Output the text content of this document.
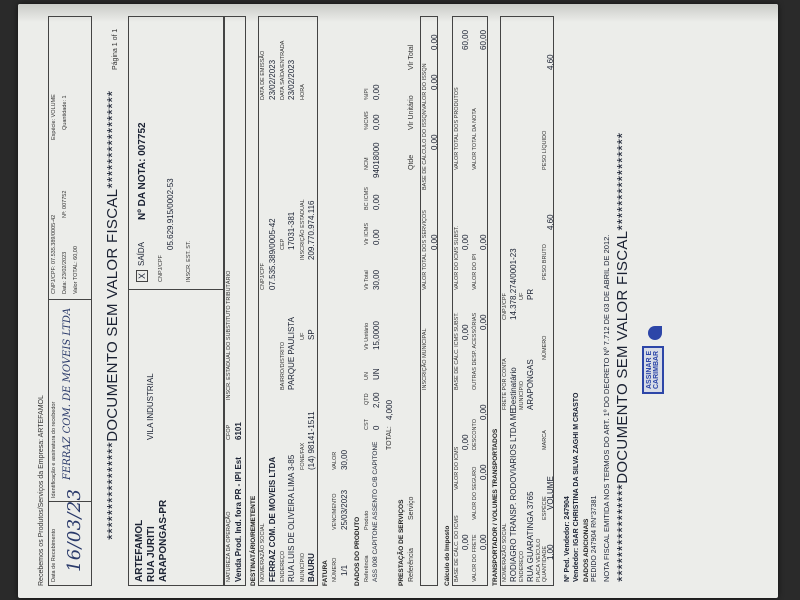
Recebemos os Produtos/Serviços da Empresa: ARTEFAMOL Data de Recebimento 16/03/23
Identificação e assinatura do recebedor FERRAZ COM. DE MOVEIS LTDA
CNPJ/CPF: 07.535.389/0005-42 Data: 23/02/2023
Nº: 007752
Valor TOTAL: 60,00
Espécie: VOLUME Quantidade: 1 ****************DOCUMENTO SEM VALOR FISCAL****************
Página 1 of 1
ARTEFAMOL RUA JURITI ARAPONGAS-PR
VILA INDUSTRIAL
X
SAÍDA
Nº DA NOTA: 007752
CNPJ/CPF
05.629.915/0002-53
INSCR. EST. ST.
NATUREZA DA OPERAÇÃO Venda Prod. Ind. fora PR - IPI Est
CFOP 6101
INSCR. ESTADUAL DO SUBSTITUTO TRIBUTÁRIO
DESTINATÁRIO/REMETENTE NOME/RAZÃO SOCIAL FERRAZ COM. DE MOVEIS LTDA
CNPJ/CPF 07.535.389/0005-42
DATA DE EMISSÃO 23/02/2023
ENDEREÇO RUA LUIS DE OLIVEIRA LIMA 3-85
BAIRRO/DISTRITO PARQUE PAULISTA
CEP 17031-381
DATA SAÍDA/ENTRADA 23/02/2023
MUNICÍPIO BAURU
FONE/FAX (14) 98141-1511
UF SP
INSCRIÇÃO ESTADUAL 209.770.974.116
HORA
FATURA NÚMERO 1/1
VENCIMENTO 25/03/2023
VALOR 30,00
DADOS DO PRODUTO Referência
Produto ASS 008 CAPITONE ASSENTO C/B CAPITONE
CST 0
QTD 2,00
UN UN
Vlr Unitário 15,0000
Vlr Total 30,00
Vlr ICMS 0,00
BC ICMS 0,00
NCM 94018000
%ICMS 0,00
%IPI 0,00
TOTAL:
4,000
PRESTAÇÃO DE SERVIÇOS Referência
Serviço
Qtde
Vlr Unitário
Vlr Total
INSCRIÇÃO MUNICIPAL
VALOR TOTAL DOS SERVIÇOS 0,00
BASE DE CÁLCULO DO ISSQN 0,00
VALOR DO ISSQN 0,00
0,00
Cálculo do Imposto BASE DE CÁLC. DO ICMS 0,00
VALOR DO ICMS
0,00
BASE DE CÁLC. ICMS SUBST. 0,00
VALOR DO ICMS SUBST. 0,00
VALOR TOTAL DOS PRODUTOS
60,00
VALOR DO FRETE 0,00
VALOR DO SEGURO 0,00
DESCONTO
0,00
OUTRAS DESP. ACESSÓRIAS 0,00
VALOR DO IPI
0,00
VALOR TOTAL DA NOTA
60,00
TRANSPORTADOR / VOLUMES TRANSPORTADOS NOME/RAZÃO SOCIAL RODIAGRO TRANSP. RODOVIARIOS LTDA ME
FRETE POR CONTA Destinatário
CNPJ/CPF 14.378.274/0001-23
ENDEREÇO RUA GUARATINGA 3765
MUNICÍPIO ARAPONGAS
UF PR
PLACA VEÍCULO QUANTIDADE
1,00
ESPÉCIE
VOLUME
MARCA
NÚMERO
PESO BRUTO
4,60
PESO LÍQUIDO
4,60
Nº Ped. Vendedor: 247904 Vendedor: IGAR CHRISTINA DA SILVA ZAGHI M CRASTO DADOS ADICIONAIS PEDIDO 247904 RN°37381 NOTA FISCAL EMITIDA NOS TERMOS DO ART. 1º DO DECRETO Nº 7.712 DE 03 DE ABRIL DE 2012. ****************DOCUMENTO SEM VALOR FISCAL**************** ASSINAR E CARIMBAR
